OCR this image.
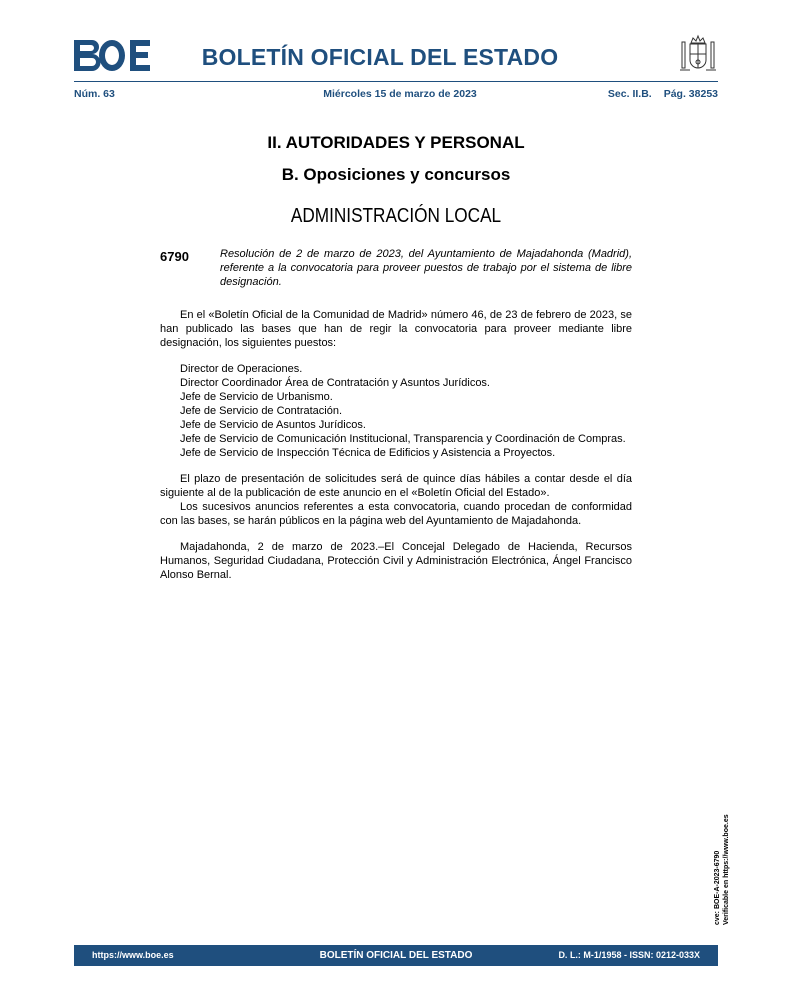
BOLETÍN OFICIAL DEL ESTADO
Núm. 63	Miércoles 15 de marzo de 2023	Sec. II.B. Pág. 38253
II. AUTORIDADES Y PERSONAL
B. Oposiciones y concursos
ADMINISTRACIÓN LOCAL
6790	Resolución de 2 de marzo de 2023, del Ayuntamiento de Majadahonda (Madrid), referente a la convocatoria para proveer puestos de trabajo por el sistema de libre designación.

En el «Boletín Oficial de la Comunidad de Madrid» número 46, de 23 de febrero de 2023, se han publicado las bases que han de regir la convocatoria para proveer mediante libre designación, los siguientes puestos:

Director de Operaciones.

Director Coordinador Área de Contratación y Asuntos Jurídicos.

Jefe de Servicio de Urbanismo.

Jefe de Servicio de Contratación.

Jefe de Servicio de Asuntos Jurídicos.

Jefe de Servicio de Comunicación Institucional, Transparencia y Coordinación de Compras.

Jefe de Servicio de Inspección Técnica de Edificios y Asistencia a Proyectos.

El plazo de presentación de solicitudes será de quince días hábiles a contar desde el día siguiente al de la publicación de este anuncio en el «Boletín Oficial del Estado».

Los sucesivos anuncios referentes a esta convocatoria, cuando procedan de conformidad con las bases, se harán públicos en la página web del Ayuntamiento de Majadahonda.

Majadahonda, 2 de marzo de 2023.–El Concejal Delegado de Hacienda, Recursos Humanos, Seguridad Ciudadana, Protección Civil y Administración Electrónica, Ángel Francisco Alonso Bernal.

cve: BOE-A-2023-6790 Verificable en https://www.boe.es
https://www.boe.es	BOLETÍN OFICIAL DEL ESTADO	D. L.: M-1/1958 - ISSN: 0212-033X
